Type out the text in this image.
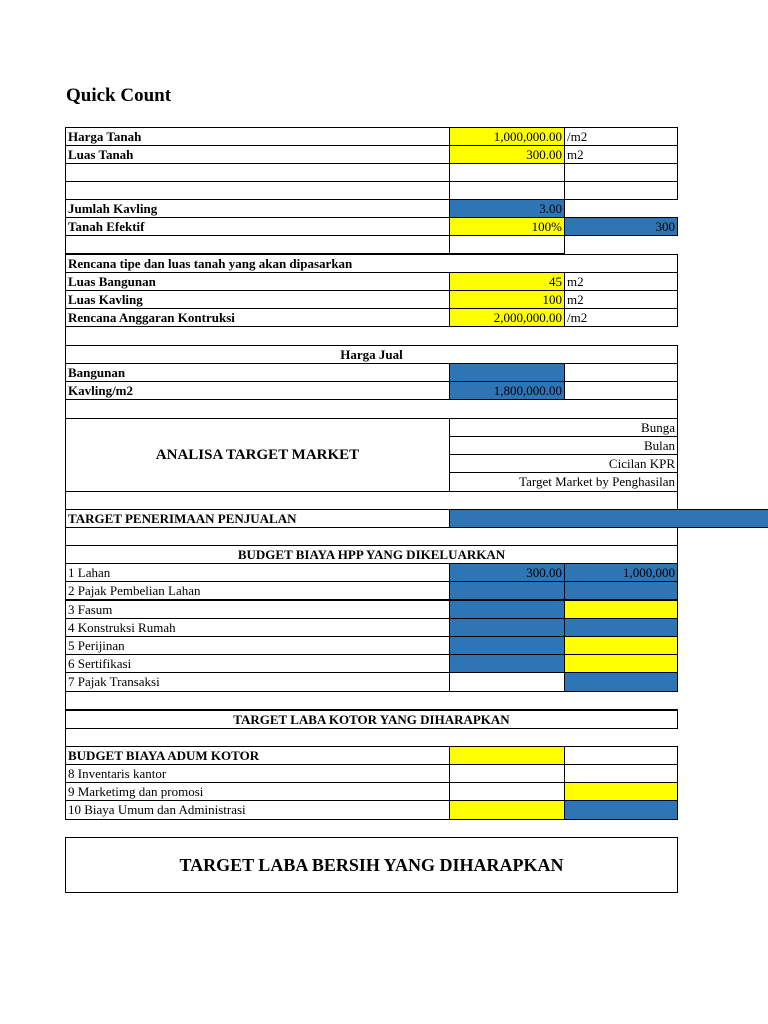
Quick Count
Harga Tanah	1,000,000.00 /m2
Luas Tanah	300.00 m2
Jumlah Kavling	3.00
Tanah Efektif	100%	300
Rencana tipe dan luas tanah yang akan dipasarkan
Luas Bangunan	45 m2
Luas Kavling	100 m2
Rencana Anggaran Kontruksi	2,000,000.00 /m2
Harga Jual
Bangunan
Kavling/m2	1,800,000.00
ANALISA TARGET MARKET
Bunga
Bulan
Cicilan KPR
Target Market by Penghasilan
TARGET PENERIMAAN PENJUALAN
BUDGET BIAYA HPP YANG DIKELUARKAN
1 Lahan	300.00	1,000,000
2 Pajak Pembelian Lahan
3 Fasum
4 Konstruksi Rumah
5 Perijinan
6 Sertifikasi
7 Pajak Transaksi
TARGET LABA KOTOR YANG DIHARAPKAN
BUDGET BIAYA ADUM KOTOR
8 Inventaris kantor
9 Marketimg dan promosi
10 Biaya Umum dan Administrasi
TARGET LABA BERSIH YANG DIHARAPKAN
